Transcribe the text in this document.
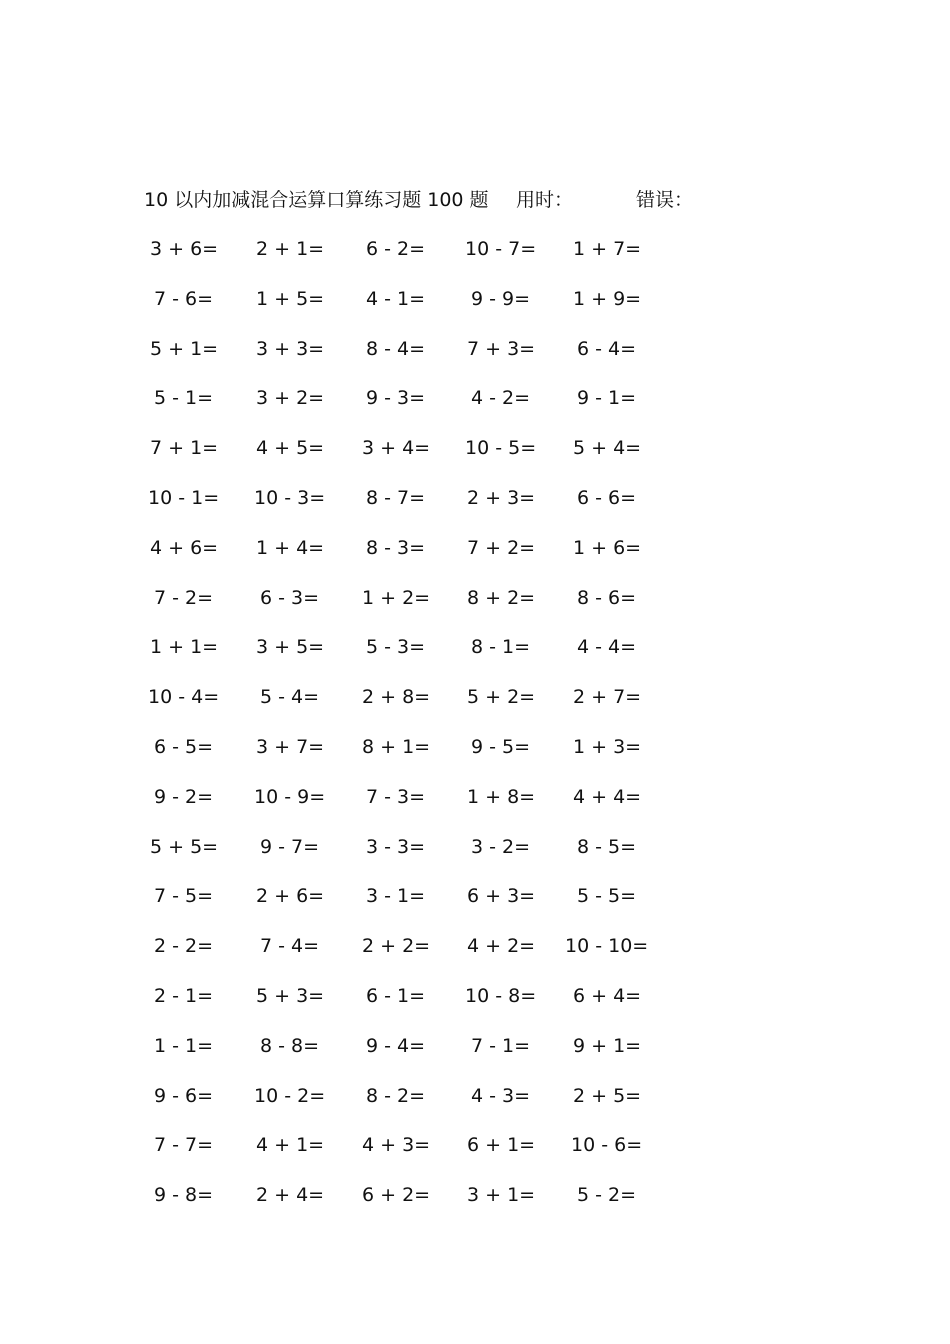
10 以内加减混合运算口算练习题 100 题 用时：	错误：
3 + 6= 2 + 1= 6 - 2= 10 - 7= 1 + 7=
7 - 6= 1 + 5= 4 - 1= 9 - 9= 1 + 9=
5 + 1= 3 + 3= 8 - 4= 7 + 3= 6 - 4=
5 - 1= 3 + 2= 9 - 3= 4 - 2= 9 - 1=
7 + 1= 4 + 5= 3 + 4= 10 - 5= 5 + 4=
10 - 1= 10 - 3= 8 - 7= 2 + 3= 6 - 6=
4 + 6= 1 + 4= 8 - 3= 7 + 2= 1 + 6=
7 - 2= 6 - 3= 1 + 2= 8 + 2= 8 - 6=
1 + 1= 3 + 5= 5 - 3= 8 - 1= 4 - 4=
10 - 4= 5 - 4= 2 + 8= 5 + 2= 2 + 7=
6 - 5= 3 + 7= 8 + 1= 9 - 5= 1 + 3=
9 - 2= 10 - 9= 7 - 3= 1 + 8= 4 + 4=
5 + 5= 9 - 7= 3 - 3= 3 - 2= 8 - 5=
7 - 5= 2 + 6= 3 - 1= 6 + 3= 5 - 5=
2 - 2= 7 - 4= 2 + 2= 4 + 2= 10 - 10=
2 - 1= 5 + 3= 6 - 1= 10 - 8= 6 + 4=
1 - 1= 8 - 8= 9 - 4= 7 - 1= 9 + 1=
9 - 6= 10 - 2= 8 - 2= 4 - 3= 2 + 5=
7 - 7= 4 + 1= 4 + 3= 6 + 1= 10 - 6=
9 - 8= 2 + 4= 6 + 2= 3 + 1= 5 - 2=
